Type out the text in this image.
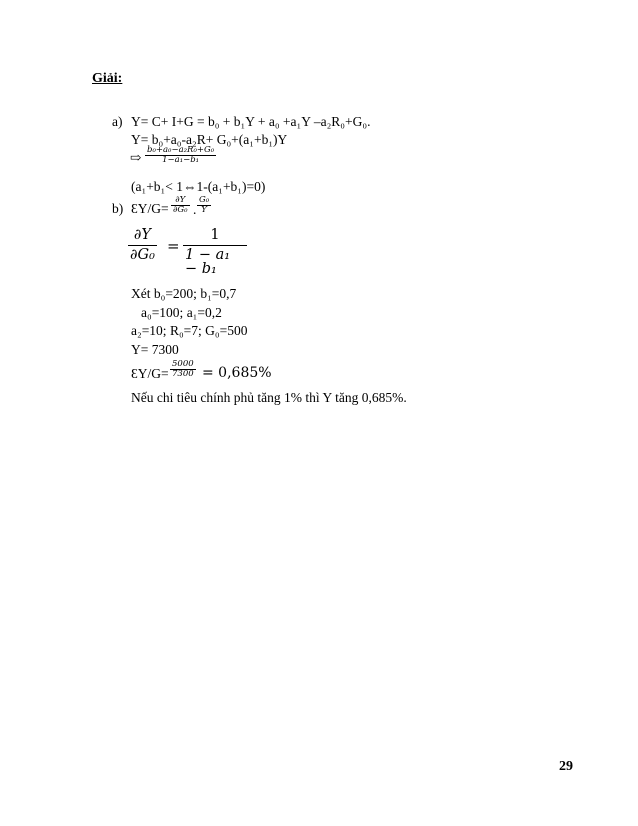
Giải:
a) Y= C+ I+G = b₀ + b₁Y + a₀ +a₁Y –a₂R₀+G₀.
Y= b₀+a₀-a₂R+ G₀+(a₁+b₁)Y
⇨ b₀+a₀−a₂R₀+G₀
1−a₁−b₁
(a₁+b₁< 1⇔1-(a₁+b₁)=0)
b) ƐY/G=
∂Y
∂G₀ .
G₀
Y
∂Y
∂G₀ =
1
1 − a₁ − b₁
Xét b₀=200; b₁=0,7
a₀=100; a₁=0,2
a₂=10; R₀=7; G₀=500
Y= 7300
ƐY/G=
5000
7300 = 0,685%
Nếu chi tiêu chính phủ tăng 1% thì Y tăng 0,685%.
29
